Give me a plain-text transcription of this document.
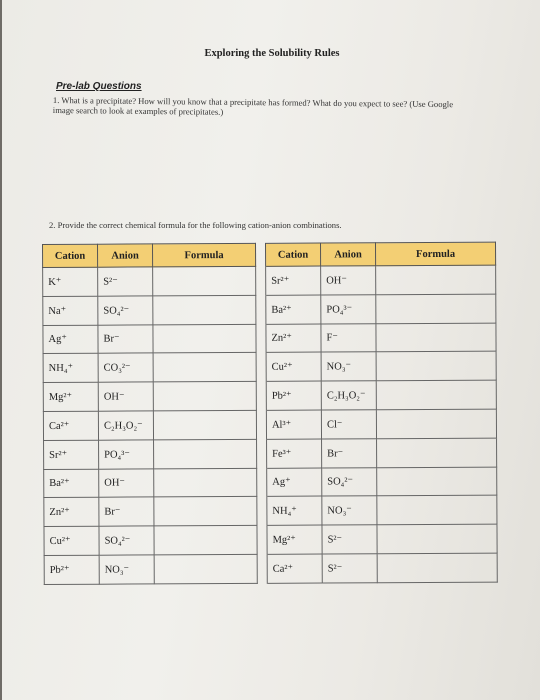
Exploring the Solubility Rules
Pre-lab Questions
1. What is a precipitate? How will you know that a precipitate has formed? What do you expect to see? (Use Google image search to look at examples of precipitates.)
2. Provide the correct chemical formula for the following cation-anion combinations.
Cation	Anion	Formula		Cation	Anion	Formula
K⁺	S²⁻			Sr²⁺	OH⁻	
Na⁺	SO₄²⁻			Ba²⁺	PO₄³⁻	
Ag⁺	Br⁻			Zn²⁺	F⁻	
NH₄⁺	CO₃²⁻			Cu²⁺	NO₃⁻	
Mg²⁺	OH⁻			Pb²⁺	C₂H₃O₂⁻	
Ca²⁺	C₂H₃O₂⁻			Al³⁺	Cl⁻	
Sr²⁺	PO₄³⁻			Fe³⁺	Br⁻	
Ba²⁺	OH⁻			Ag⁺	SO₄²⁻	
Zn²⁺	Br⁻			NH₄⁺	NO₃⁻	
Cu²⁺	SO₄²⁻			Mg²⁺	S²⁻	
Pb²⁺	NO₃⁻			Ca²⁺	S²⁻	
